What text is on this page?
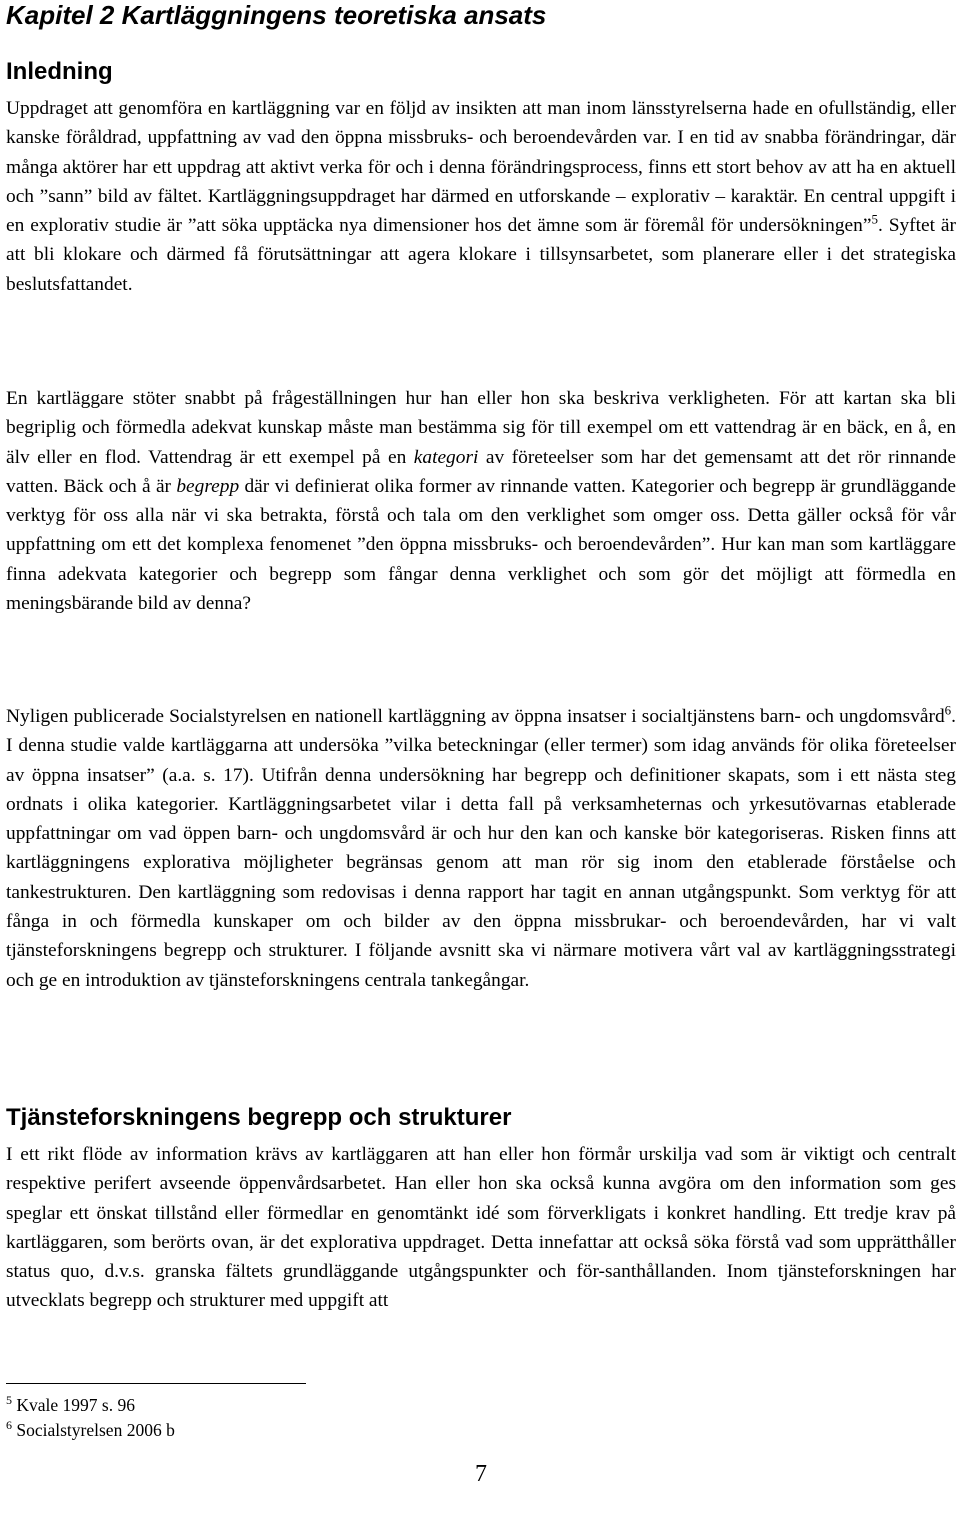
Kapitel 2 Kartläggningens teoretiska ansats
Inledning

Uppdraget att genomföra en kartläggning var en följd av insikten att man inom länsstyrelserna hade en ofullständig, eller kanske föråldrad, uppfattning av vad den öppna missbruks- och beroendevården var. I en tid av snabba förändringar, där många aktörer har ett uppdrag att aktivt verka för och i denna förändringsprocess, finns ett stort behov av att ha en aktuell och ”sann” bild av fältet. Kartläggningsuppdraget har därmed en utforskande – explorativ – karaktär. En central uppgift i en explorativ studie är ”att söka upptäcka nya dimensioner hos det ämne som är föremål för undersökningen”$^5$. Syftet är att bli klokare och därmed få förutsättningar att agera klokare i tillsynsarbetet, som planerare eller i det strategiska beslutsfattandet.

En kartläggare stöter snabbt på frågeställningen hur han eller hon ska beskriva verkligheten. För att kartan ska bli begriplig och förmedla adekvat kunskap måste man bestämma sig för till exempel om ett vattendrag är en bäck, en å, en älv eller en flod. Vattendrag är ett exempel på en kategori av företeelser som har det gemensamt att det rör rinnande vatten. Bäck och å är begrepp där vi definierat olika former av rinnande vatten. Kategorier och begrepp är grundläggande verktyg för oss alla när vi ska betrakta, förstå och tala om den verklighet som omger oss. Detta gäller också för vår uppfattning om ett det komplexa fenomenet ”den öppna missbruks- och beroendevården”. Hur kan man som kartläggare finna adekvata kategorier och begrepp som fångar denna verklighet och som gör det möjligt att förmedla en meningsbärande bild av denna?

Nyligen publicerade Socialstyrelsen en nationell kartläggning av öppna insatser i socialtjänstens barn- och ungdomsvård$^6$. I denna studie valde kartläggarna att undersöka ”vilka beteckningar (eller termer) som idag används för olika företeelser av öppna insatser” (a.a. s. 17). Utifrån denna undersökning har begrepp och definitioner skapats, som i ett nästa steg ordnats i olika kategorier. Kartläggningsarbetet vilar i detta fall på verksamheternas och yrkesutövarnas etablerade uppfattningar om vad öppen barn- och ungdomsvård är och hur den kan och kanske bör kategoriseras. Risken finns att kartläggningens explorativa möjligheter begränsas genom att man rör sig inom den etablerade förståelse och tankestrukturen. Den kartläggning som redovisas i denna rapport har tagit en annan utgångspunkt. Som verktyg för att fånga in och förmedla kunskaper om och bilder av den öppna missbrukar- och beroendevården, har vi valt tjänsteforskningens begrepp och strukturer. I följande avsnitt ska vi närmare motivera vårt val av kartläggningsstrategi och ge en introduktion av tjänsteforskningens centrala tankegångar.

Tjänsteforskningens begrepp och strukturer

I ett rikt flöde av information krävs av kartläggaren att han eller hon förmår urskilja vad som är viktigt och centralt respektive perifert avseende öppenvårdsarbetet. Han eller hon ska också kunna avgöra om den information som ges speglar ett önskat tillstånd eller förmedlar en genomtänkt idé som förverkligats i konkret handling. Ett tredje krav på kartläggaren, som berörts ovan, är det explorativa uppdraget. Detta innefattar att också söka förstå vad som upprätthåller status quo, d.v.s. granska fältets grundläggande utgångspunkter och för-santhållanden. Inom tjänsteforskningen har utvecklats begrepp och strukturer med uppgift att

$^5$ Kvale 1997 s. 96
$^6$ Socialstyrelsen 2006 b
7
